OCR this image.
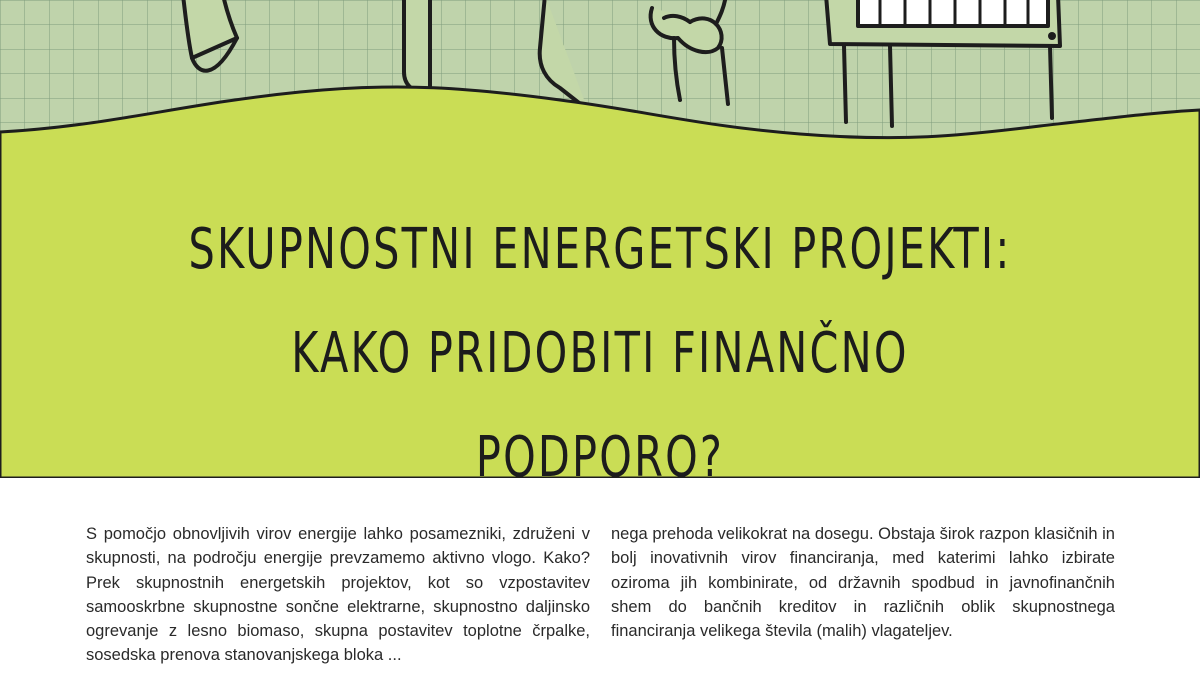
SKUPNOSTNI ENERGETSKI PROJEKTI:
KAKO PRIDOBITI FINANČNO
PODPORO?

S pomočjo obnovljivih virov energije lahko posamezniki, združeni v skupnosti, na področju energije prevzamemo aktivno vlogo. Kako? Prek skupnostnih energetskih projektov, kot so vzpostavitev samooskrbne skupnostne sončne elektrarne, skupnostno daljinsko ogrevanje z lesno biomaso, skupna postavitev toplotne črpalke, sosedska prenova stanovanjskega bloka ...

nega prehoda velikokrat na dosegu. Obstaja širok razpon klasičnih in bolj inovativnih virov financiranja, med katerimi lahko izbirate oziroma jih kombinirate, od državnih spodbud in javnofinančnih shem do bančnih kreditov in različnih oblik skupnostnega financiranja velikega števila (malih) vlagateljev.
